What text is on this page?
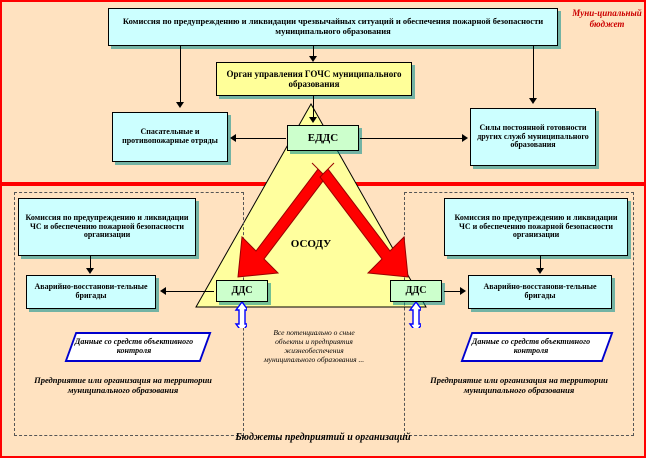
ОСОДУ
Муни-ципальный бюджет
Комиссия по предупреждению и ликвидации чрезвычайных ситуаций и обеспечения пожарной безопасности муниципального образования
Орган управления ГОЧС муниципального образования
ЕДДС
Спасательные и противопожарные отряды
Силы постоянной готовности других служб муниципального образования
Комиссия по предупреждению и ликвидации ЧС и обеспечению пожарной безопасности организации
ДДС
Аварийно-восстанови-тельные бригады
Данные со средств объективного контроля
Предприятие или организация на территории муниципального образования
Комиссия по предупреждению и ликвидации ЧС и обеспечению пожарной безопасности организации
ДДС	Аварийно-восстанови-тельные бригады
Данные со средств объективного контроля
Предприятие или организация на территории муниципального образования
Все потенциально о сные объекты и предприятия жизнеобеспечения муниципального образования ...
Бюджеты предприятий и организаций
